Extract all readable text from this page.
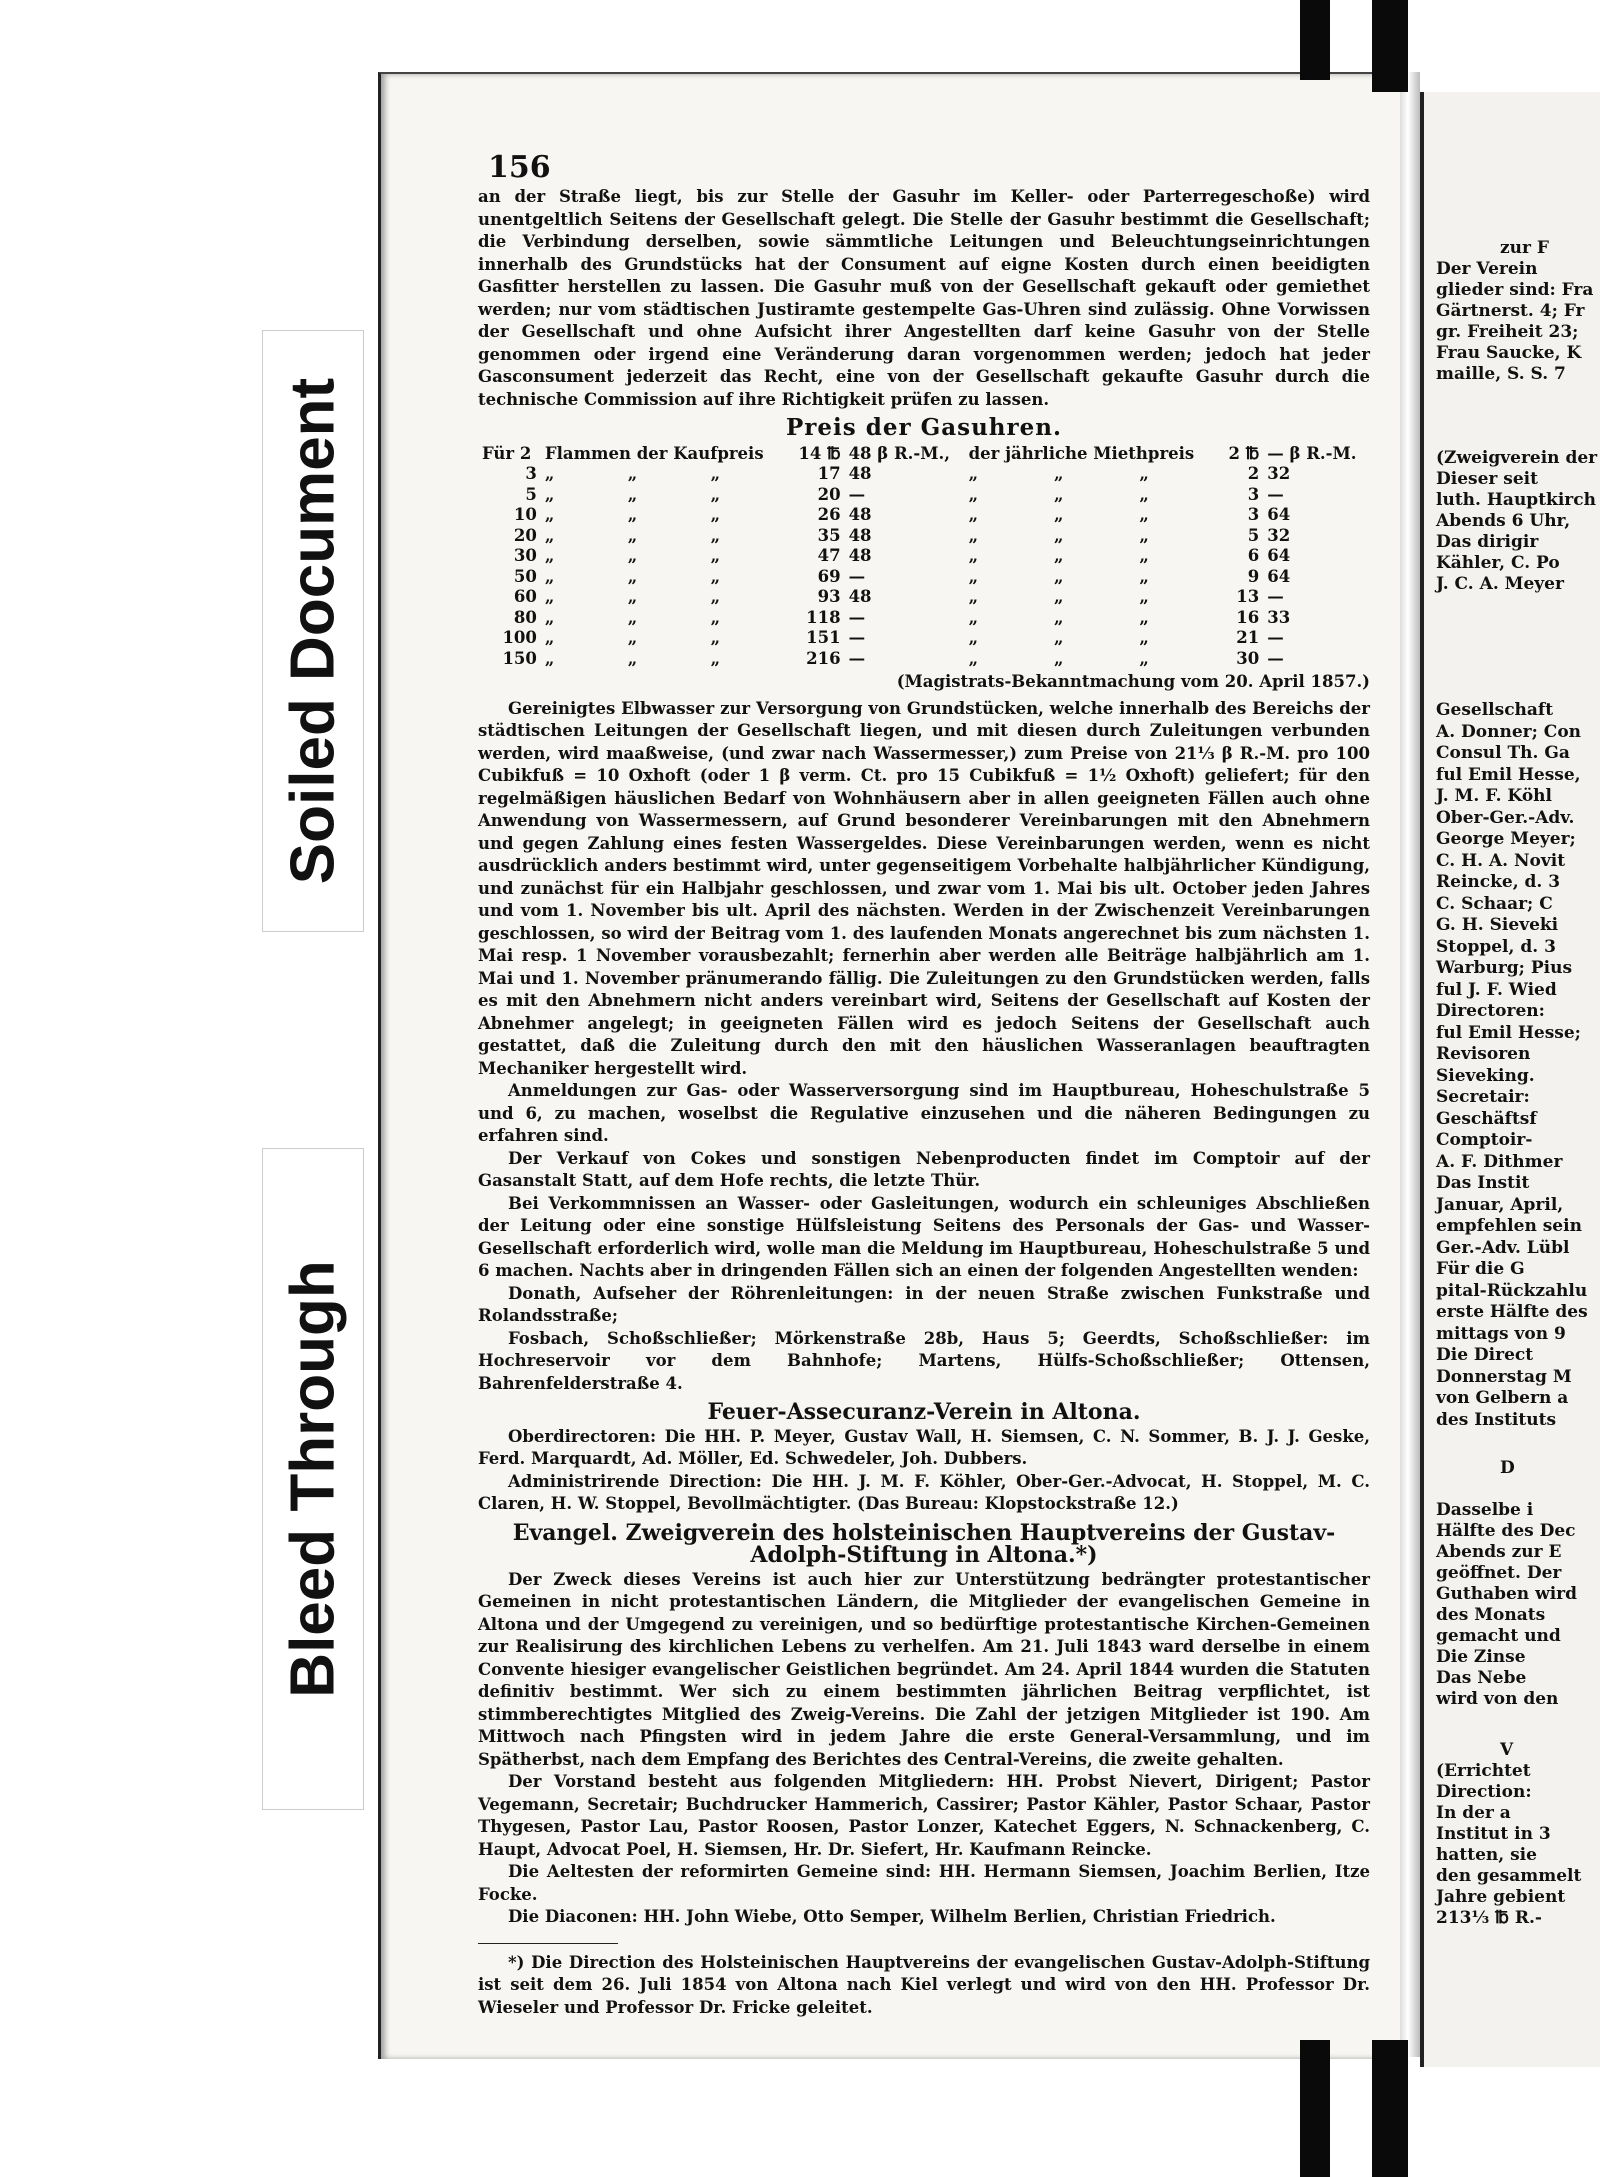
Soiled Document
Bleed Through
156

an der Straße liegt, bis zur Stelle der Gasuhr im Keller- oder Parterregeschoße) wird unentgeltlich Seitens der Gesellschaft gelegt. Die Stelle der Gasuhr bestimmt die Gesellschaft; die Verbindung derselben, sowie sämmtliche Leitungen und Beleuchtungseinrichtungen innerhalb des Grundstücks hat der Consument auf eigne Kosten durch einen beeidigten Gasfitter herstellen zu lassen. Die Gasuhr muß von der Gesellschaft gekauft oder gemiethet werden; nur vom städtischen Justiramte gestempelte Gas-Uhren sind zulässig. Ohne Vorwissen der Gesellschaft und ohne Aufsicht ihrer Angestellten darf keine Gasuhr von der Stelle genommen oder irgend eine Veränderung daran vorgenommen werden; jedoch hat jeder Gasconsument jederzeit das Recht, eine von der Gesellschaft gekaufte Gasuhr durch die technische Commission auf ihre Richtigkeit prüfen zu lassen.

Preis der Gasuhren.
Für 2	Flammen der Kaufpreis			14 ℔	48 β R.-M.,	der jährliche Miethpreis			2 ℔	— β R.-M.
3	„	„	„	17	48	„	„	„	2	32
5	„	„	„	20	—	„	„	„	3	—
10	„	„	„	26	48	„	„	„	3	64
20	„	„	„	35	48	„	„	„	5	32
30	„	„	„	47	48	„	„	„	6	64
50	„	„	„	69	—	„	„	„	9	64
60	„	„	„	93	48	„	„	„	13	—
80	„	„	„	118	—	„	„	„	16	33
100	„	„	„	151	—	„	„	„	21	—
150	„	„	„	216	—	„	„	„	30	—
(Magistrats-Bekanntmachung vom 20. April 1857.)

Gereinigtes Elbwasser zur Versorgung von Grundstücken, welche innerhalb des Bereichs der städtischen Leitungen der Gesellschaft liegen, und mit diesen durch Zuleitungen verbunden werden, wird maaßweise, (und zwar nach Wassermesser,) zum Preise von 21⅓ β R.-M. pro 100 Cubikfuß = 10 Oxhoft (oder 1 β verm. Ct. pro 15 Cubikfuß = 1½ Oxhoft) geliefert; für den regelmäßigen häuslichen Bedarf von Wohnhäusern aber in allen geeigneten Fällen auch ohne Anwendung von Wassermessern, auf Grund besonderer Vereinbarungen mit den Abnehmern und gegen Zahlung eines festen Wassergeldes. Diese Vereinbarungen werden, wenn es nicht ausdrücklich anders bestimmt wird, unter gegenseitigem Vorbehalte halbjährlicher Kündigung, und zunächst für ein Halbjahr geschlossen, und zwar vom 1. Mai bis ult. October jeden Jahres und vom 1. November bis ult. April des nächsten. Werden in der Zwischenzeit Vereinbarungen geschlossen, so wird der Beitrag vom 1. des laufenden Monats angerechnet bis zum nächsten 1. Mai resp. 1 November vorausbezahlt; fernerhin aber werden alle Beiträge halbjährlich am 1. Mai und 1. November pränumerando fällig. Die Zuleitungen zu den Grundstücken werden, falls es mit den Abnehmern nicht anders vereinbart wird, Seitens der Gesellschaft auf Kosten der Abnehmer angelegt; in geeigneten Fällen wird es jedoch Seitens der Gesellschaft auch gestattet, daß die Zuleitung durch den mit den häuslichen Wasseranlagen beauftragten Mechaniker hergestellt wird.

Anmeldungen zur Gas- oder Wasserversorgung sind im Hauptbureau, Hoheschulstraße 5 und 6, zu machen, woselbst die Regulative einzusehen und die näheren Bedingungen zu erfahren sind.

Der Verkauf von Cokes und sonstigen Nebenproducten findet im Comptoir auf der Gasanstalt Statt, auf dem Hofe rechts, die letzte Thür.

Bei Verkommnissen an Wasser- oder Gasleitungen, wodurch ein schleuniges Abschließen der Leitung oder eine sonstige Hülfsleistung Seitens des Personals der Gas- und Wasser-Gesellschaft erforderlich wird, wolle man die Meldung im Hauptbureau, Hoheschulstraße 5 und 6 machen. Nachts aber in dringenden Fällen sich an einen der folgenden Angestellten wenden:

Donath, Aufseher der Röhrenleitungen: in der neuen Straße zwischen Funkstraße und Rolandsstraße;

Fosbach, Schoßschließer; Mörkenstraße 28b, Haus 5; Geerdts, Schoßschließer: im Hochreservoir vor dem Bahnhofe; Martens, Hülfs-Schoßschließer; Ottensen, Bahrenfelderstraße 4.

Feuer-Assecuranz-Verein in Altona.

Oberdirectoren: Die HH. P. Meyer, Gustav Wall, H. Siemsen, C. N. Sommer, B. J. J. Geske, Ferd. Marquardt, Ad. Möller, Ed. Schwedeler, Joh. Dubbers.

Administrirende Direction: Die HH. J. M. F. Köhler, Ober-Ger.-Advocat, H. Stoppel, M. C. Claren, H. W. Stoppel, Bevollmächtigter. (Das Bureau: Klopstockstraße 12.)

Evangel. Zweigverein des holsteinischen Hauptvereins der Gustav-Adolph-Stiftung in Altona.*)

Der Zweck dieses Vereins ist auch hier zur Unterstützung bedrängter protestantischer Gemeinen in nicht protestantischen Ländern, die Mitglieder der evangelischen Gemeine in Altona und der Umgegend zu vereinigen, und so bedürftige protestantische Kirchen-Gemeinen zur Realisirung des kirchlichen Lebens zu verhelfen. Am 21. Juli 1843 ward derselbe in einem Convente hiesiger evangelischer Geistlichen begründet. Am 24. April 1844 wurden die Statuten definitiv bestimmt. Wer sich zu einem bestimmten jährlichen Beitrag verpflichtet, ist stimmberechtigtes Mitglied des Zweig-Vereins. Die Zahl der jetzigen Mitglieder ist 190. Am Mittwoch nach Pfingsten wird in jedem Jahre die erste General-Versammlung, und im Spätherbst, nach dem Empfang des Berichtes des Central-Vereins, die zweite gehalten.

Der Vorstand besteht aus folgenden Mitgliedern: HH. Probst Nievert, Dirigent; Pastor Vegemann, Secretair; Buchdrucker Hammerich, Cassirer; Pastor Kähler, Pastor Schaar, Pastor Thygesen, Pastor Lau, Pastor Roosen, Pastor Lonzer, Katechet Eggers, N. Schnackenberg, C. Haupt, Advocat Poel, H. Siemsen, Hr. Dr. Siefert, Hr. Kaufmann Reincke.

Die Aeltesten der reformirten Gemeine sind: HH. Hermann Siemsen, Joachim Berlien, Itze Focke.

Die Diaconen: HH. John Wiebe, Otto Semper, Wilhelm Berlien, Christian Friedrich.

*) Die Direction des Holsteinischen Hauptvereins der evangelischen Gustav-Adolph-Stiftung ist seit dem 26. Juli 1854 von Altona nach Kiel verlegt und wird von den HH. Professor Dr. Wieseler und Professor Dr. Fricke geleitet.

zur F
Der Verein
glieder sind: Fra
Gärtnerst. 4; Fr
gr. Freiheit 23;
Frau Saucke, K
maille, S. S. 7
(Zweigverein der
Dieser seit
luth. Hauptkirch
Abends 6 Uhr,
Das dirigir
Kähler, C. Po
J. C. A. Meyer
Gesellschaft
A. Donner; Con
Consul Th. Ga
ful Emil Hesse,
J. M. F. Köhl
Ober-Ger.-Adv.
George Meyer;
C. H. A. Novit
Reincke, d. 3
C. Schaar; C
G. H. Sieveki
Stoppel, d. 3
Warburg; Pius
ful J. F. Wied
Directoren:
ful Emil Hesse;
Revisoren
Sieveking.
Secretair:
Geschäftsf
Comptoir-
A. F. Dithmer
Das Instit
Januar, April,
empfehlen sein
Ger.-Adv. Lübl
Für die G
pital-Rückzahlu
erste Hälfte des
mittags von 9
Die Direct
Donnerstag M
von Gelbern a
des Instituts
D
Dasselbe i
Hälfte des Dec
Abends zur E
geöffnet. Der
Guthaben wird
des Monats
gemacht und
Die Zinse
Das Nebe
wird von den
V
(Errichtet
Direction:
In der a
Institut in 3
hatten, sie
den gesammelt
Jahre gebient
213⅓ ℔ R.-
